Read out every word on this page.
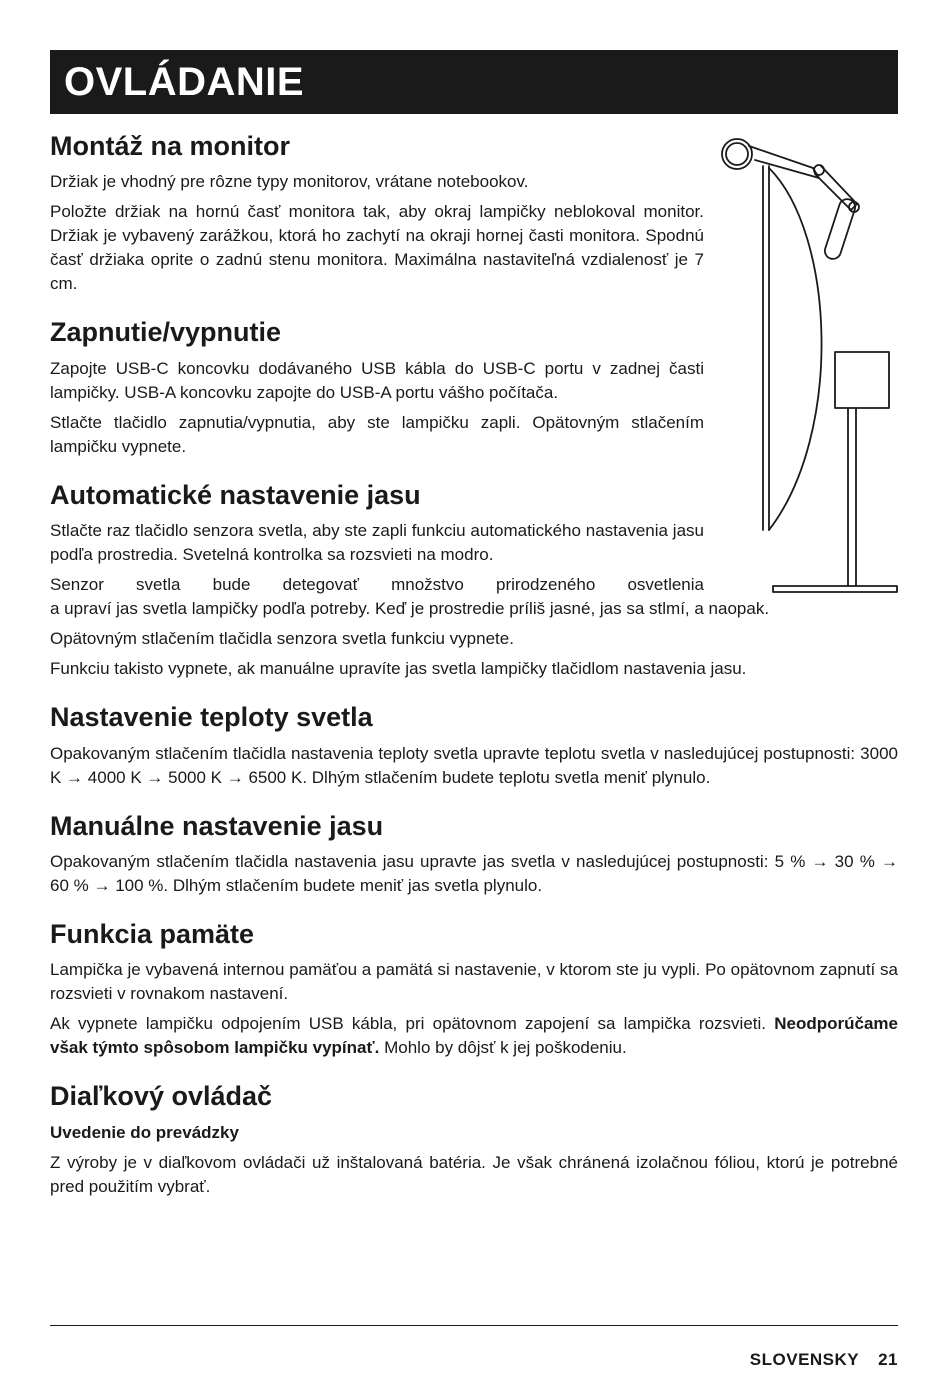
OVLÁDANIE
Montáž na monitor

Držiak je vhodný pre rôzne typy monitorov, vrátane notebookov.

Položte držiak na hornú časť monitora tak, aby okraj lampičky neblokoval monitor. Držiak je vybavený zarážkou, ktorá ho zachytí na okraji hornej časti monitora. Spodnú časť držiaka oprite o zadnú stenu monitora. Maximálna nastaviteľná vzdialenosť je 7 cm.

Zapnutie/vypnutie

Zapojte USB-C koncovku dodávaného USB kábla do USB-C portu v zadnej časti lampičky. USB-A koncovku zapojte do USB-A portu vášho počítača.

Stlačte tlačidlo zapnutia/vypnutia, aby ste lampičku zapli. Opätovným stlačením lampičku vypnete.

Automatické nastavenie jasu

Stlačte raz tlačidlo senzora svetla, aby ste zapli funkciu automatického nastavenia jasu podľa prostredia. Svetelná kontrolka sa rozsvieti na modro.

Senzor svetla bude detegovať množstvo prirodzeného osvetlenia
a upraví jas svetla lampičky podľa potreby. Keď je prostredie príliš jasné, jas sa stlmí, a naopak.

Opätovným stlačením tlačidla senzora svetla funkciu vypnete.

Funkciu takisto vypnete, ak manuálne upravíte jas svetla lampičky tlačidlom nastavenia jasu.

Nastavenie teploty svetla

Opakovaným stlačením tlačidla nastavenia teploty svetla upravte teplotu svetla v nasledujúcej postupnosti: 3000 K → 4000 K → 5000 K → 6500 K. Dlhým stlačením budete teplotu svetla meniť plynulo.

Manuálne nastavenie jasu

Opakovaným stlačením tlačidla nastavenia jasu upravte jas svetla v nasledujúcej postupnosti: 5 % → 30 % → 60 % → 100 %. Dlhým stlačením budete meniť jas svetla plynulo.

Funkcia pamäte

Lampička je vybavená internou pamäťou a pamätá si nastavenie, v ktorom ste ju vypli. Po opätovnom zapnutí sa rozsvieti v rovnakom nastavení.

Ak vypnete lampičku odpojením USB kábla, pri opätovnom zapojení sa lampička rozsvieti. Neodporúčame však týmto spôsobom lampičku vypínať. Mohlo by dôjsť k jej poškodeniu.

Diaľkový ovládač
Uvedenie do prevádzky

Z výroby je v diaľkovom ovládači už inštalovaná batéria. Je však chránená izolačnou fóliou, ktorú je potrebné pred použitím vybrať.

SLOVENSKY 21
